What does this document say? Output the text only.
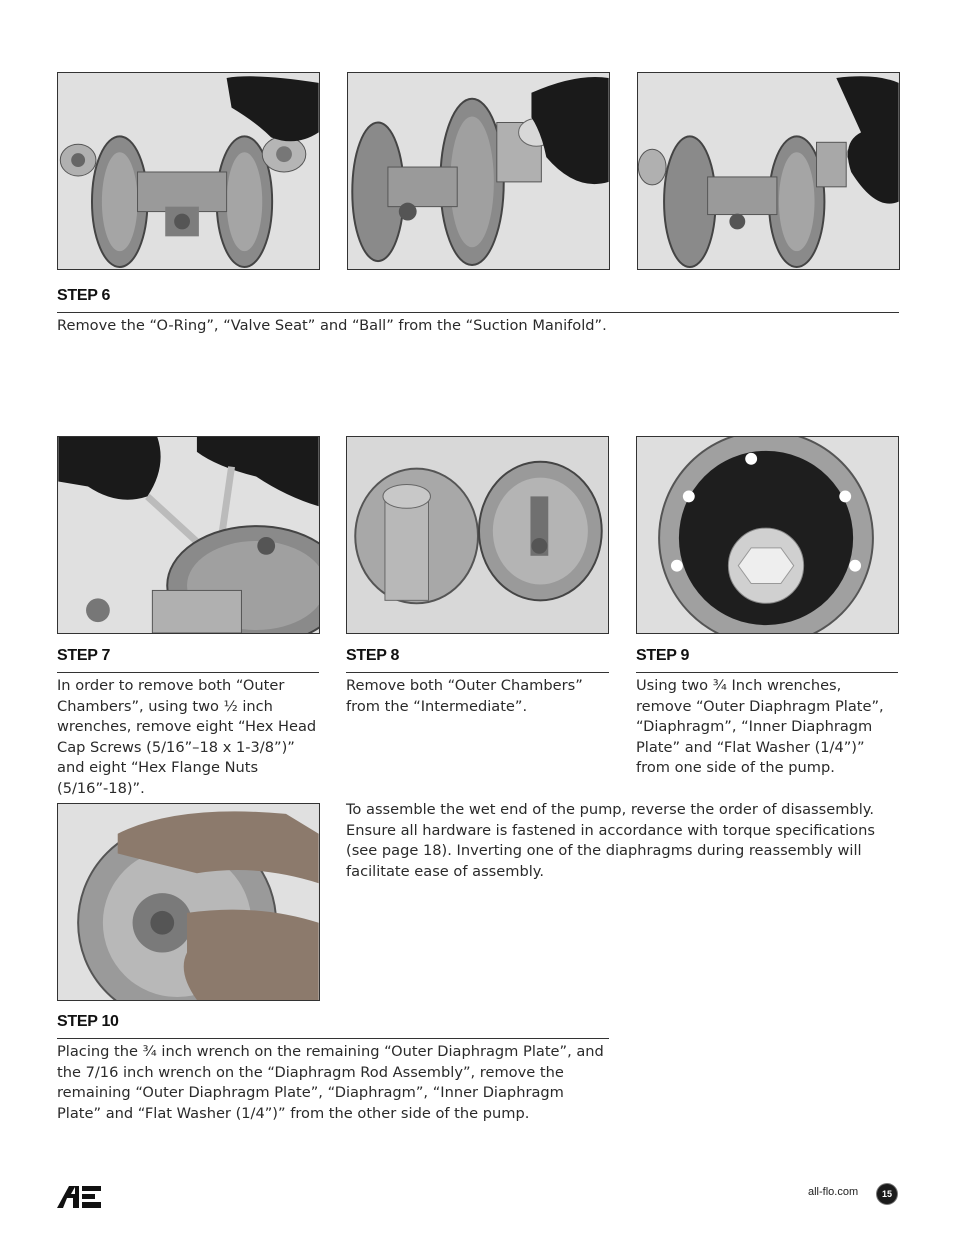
STEP 6
Remove the “O-Ring”, “Valve Seat” and “Ball” from the “Suction Manifold”.
STEP 7
In order to remove both “Outer Chambers”, using two ½ inch wrenches, remove eight “Hex Head Cap Screws (5/16”–18 x 1-3/8”)” and eight “Hex Flange Nuts (5/16”-18)”.
STEP 8
Remove both “Outer Chambers” from the “Intermediate”.
STEP 9
Using two ¾ Inch wrenches, remove “Outer Diaphragm Plate”, “Diaphragm”, “Inner Diaphragm Plate” and “Flat Washer (1/4”)” from one side of the pump.
To assemble the wet end of the pump, reverse the order of disassembly. Ensure all hardware is fastened in accordance with torque specifications (see page 18). Inverting one of the diaphragms during reassembly will facilitate ease of assembly.
STEP 10
Placing the ¾ inch wrench on the remaining “Outer Diaphragm Plate”, and the 7/16 inch wrench on the “Diaphragm Rod Assembly”, remove the remaining “Outer Diaphragm Plate”, “Diaphragm”, “Inner Diaphragm Plate” and “Flat Washer (1/4”)” from the other side of the pump.
all-flo.com	15
